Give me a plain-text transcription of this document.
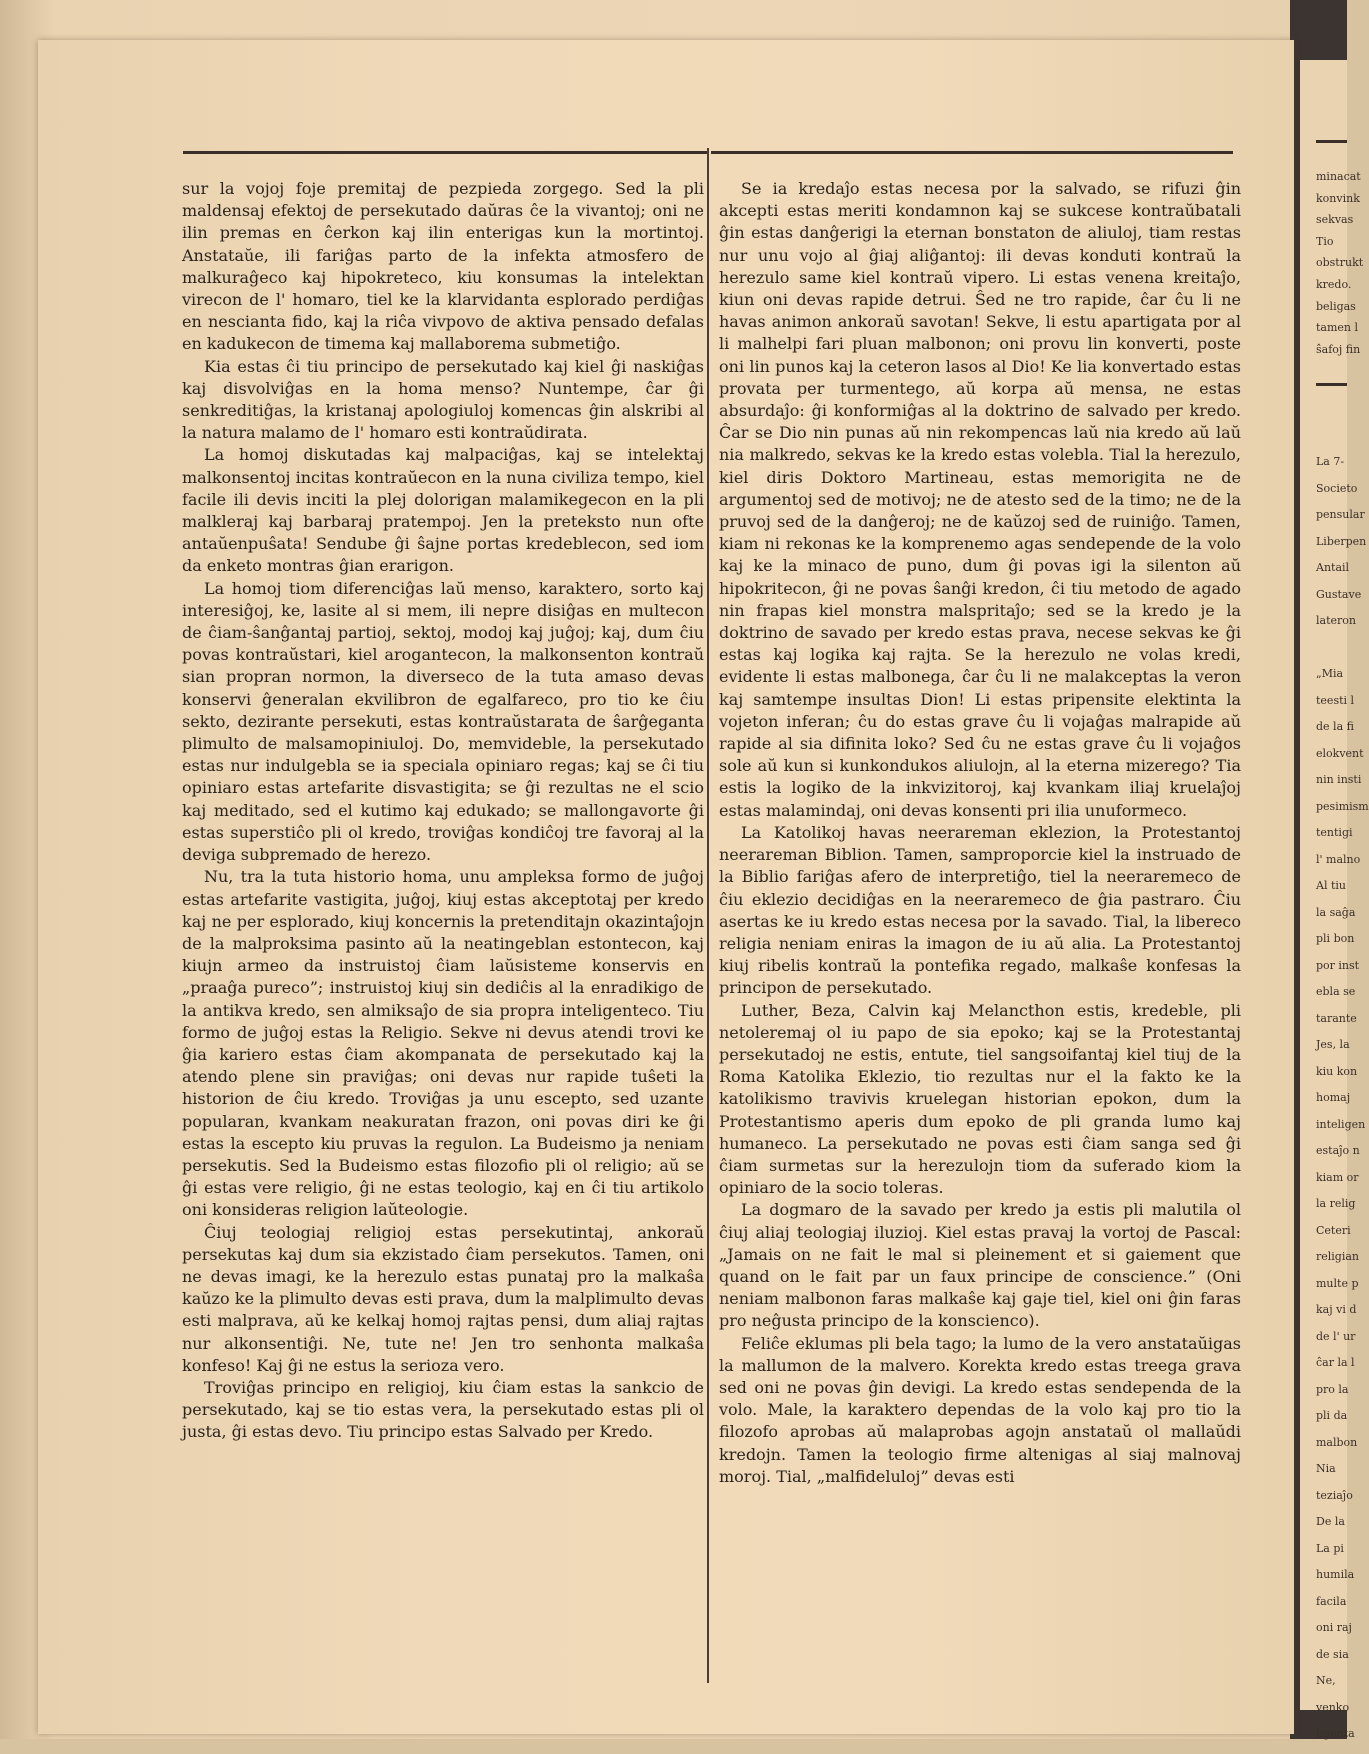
sur la vojoj foje premitaj de pezpieda zorgego. Sed la pli maldensaj efektoj de persekutado daŭras ĉe la vivantoj; oni ne ilin premas en ĉerkon kaj ilin enterigas kun la mortintoj. Anstataŭe, ili fariĝas parto de la infekta atmosfero de malkuraĝeco kaj hipokreteco, kiu konsumas la intelektan virecon de l' homaro, tiel ke la klarvidanta esplorado perdiĝas en nescianta fido, kaj la riĉa vivpovo de aktiva pensado defalas en kadukecon de timema kaj mallaborema submetiĝo.

Kia estas ĉi tiu principo de persekutado kaj kiel ĝi naskiĝas kaj disvolviĝas en la homa menso? Nuntempe, ĉar ĝi senkreditiĝas, la kristanaj apologiuloj komencas ĝin alskribi al la natura malamo de l' homaro esti kontraŭdirata.

La homoj diskutadas kaj malpaciĝas, kaj se intelektaj malkonsentoj incitas kontraŭecon en la nuna civiliza tempo, kiel facile ili devis inciti la plej dolorigan malamikegecon en la pli malkleraj kaj barbaraj pratempoj. Jen la preteksto nun ofte antaŭenpuŝata! Sendube ĝi ŝajne portas kredeblecon, sed iom da enketo montras ĝian erarigon.

La homoj tiom diferenciĝas laŭ menso, karaktero, sorto kaj interesiĝoj, ke, lasite al si mem, ili nepre disiĝas en multecon de ĉiam-ŝanĝantaj partioj, sektoj, modoj kaj juĝoj; kaj, dum ĉiu povas kontraŭstari, kiel arogantecon, la malkonsenton kontraŭ sian propran normon, la diverseco de la tuta amaso devas konservi ĝeneralan ekvilibron de egalfareco, pro tio ke ĉiu sekto, dezirante persekuti, estas kontraŭstarata de ŝarĝeganta plimulto de malsamopiniuloj. Do, memvideble, la persekutado estas nur indulgebla se ia speciala opiniaro regas; kaj se ĉi tiu opiniaro estas artefarite disvastigita; se ĝi rezultas ne el scio kaj meditado, sed el kutimo kaj edukado; se mallongavorte ĝi estas superstiĉo pli ol kredo, troviĝas kondiĉoj tre favoraj al la deviga subpremado de herezo.

Nu, tra la tuta historio homa, unu ampleksa formo de juĝoj estas artefarite vastigita, juĝoj, kiuj estas akceptotaj per kredo kaj ne per esplorado, kiuj koncernis la pretenditajn okazintaĵojn de la malproksima pasinto aŭ la neatingeblan estontecon, kaj kiujn armeo da instruistoj ĉiam laŭsisteme konservis en „praaĝa pureco”; instruistoj kiuj sin dediĉis al la enradikigo de la antikva kredo, sen almiksaĵo de sia propra inteligenteco. Tiu formo de juĝoj estas la Religio. Sekve ni devus atendi trovi ke ĝia kariero estas ĉiam akompanata de persekutado kaj la atendo plene sin praviĝas; oni devas nur rapide tuŝeti la historion de ĉiu kredo. Troviĝas ja unu escepto, sed uzante popularan, kvankam neakuratan frazon, oni povas diri ke ĝi estas la escepto kiu pruvas la regulon. La Budeismo ja neniam persekutis. Sed la Budeismo estas filozofio pli ol religio; aŭ se ĝi estas vere religio, ĝi ne estas teologio, kaj en ĉi tiu artikolo oni konsideras religion laŭteologie.

Ĉiuj teologiaj religioj estas persekutintaj, ankoraŭ persekutas kaj dum sia ekzistado ĉiam persekutos. Tamen, oni ne devas imagi, ke la herezulo estas punataj pro la malkaŝa kaŭzo ke la plimulto devas esti prava, dum la malplimulto devas esti malprava, aŭ ke kelkaj homoj rajtas pensi, dum aliaj rajtas nur alkonsentiĝi. Ne, tute ne! Jen tro senhonta malkaŝa konfeso! Kaj ĝi ne estus la serioza vero.

Troviĝas principo en religioj, kiu ĉiam estas la sankcio de persekutado, kaj se tio estas vera, la persekutado estas pli ol justa, ĝi estas devo. Tiu principo estas Salvado per Kredo.

Se ia kredaĵo estas necesa por la salvado, se rifuzi ĝin akcepti estas meriti kondamnon kaj se sukcese kontraŭbatali ĝin estas danĝerigi la eternan bonstaton de aliuloj, tiam restas nur unu vojo al ĝiaj aliĝantoj: ili devas konduti kontraŭ la herezulo same kiel kontraŭ vipero. Li estas venena kreitaĵo, kiun oni devas rapide detrui. Ŝed ne tro rapide, ĉar ĉu li ne havas animon ankoraŭ savotan! Sekve, li estu apartigata por al li malhelpi fari pluan malbonon; oni provu lin konverti, poste oni lin punos kaj la ceteron lasos al Dio! Ke lia konvertado estas provata per turmentego, aŭ korpa aŭ mensa, ne estas absurdaĵo: ĝi konformiĝas al la doktrino de salvado per kredo. Ĉar se Dio nin punas aŭ nin rekompencas laŭ nia kredo aŭ laŭ nia malkredo, sekvas ke la kredo estas volebla. Tial la herezulo, kiel diris Doktoro Martineau, estas memorigita ne de argumentoj sed de motivoj; ne de atesto sed de la timo; ne de la pruvoj sed de la danĝeroj; ne de kaŭzoj sed de ruiniĝo. Tamen, kiam ni rekonas ke la komprenemo agas sendepende de la volo kaj ke la minaco de puno, dum ĝi povas igi la silenton aŭ hipokritecon, ĝi ne povas ŝanĝi kredon, ĉi tiu metodo de agado nin frapas kiel monstra malspritaĵo; sed se la kredo je la doktrino de savado per kredo estas prava, necese sekvas ke ĝi estas kaj logika kaj rajta. Se la herezulo ne volas kredi, evidente li estas malbonega, ĉar ĉu li ne malakceptas la veron kaj samtempe insultas Dion! Li estas pripensite elektinta la vojeton inferan; ĉu do estas grave ĉu li vojaĝas malrapide aŭ rapide al sia difinita loko? Sed ĉu ne estas grave ĉu li vojaĝos sole aŭ kun si kunkondukos aliulojn, al la eterna mizerego? Tia estis la logiko de la inkvizitoroj, kaj kvankam iliaj kruelaĵoj estas malamindaj, oni devas konsenti pri ilia unuformeco.

La Katolikoj havas neerareman eklezion, la Protestantoj neerareman Biblion. Tamen, samproporcie kiel la instruado de la Biblio fariĝas afero de interpretiĝo, tiel la neeraremeco de ĉiu eklezio decidiĝas en la neeraremeco de ĝia pastraro. Ĉiu asertas ke iu kredo estas necesa por la savado. Tial, la libereco religia neniam eniras la imagon de iu aŭ alia. La Protestantoj kiuj ribelis kontraŭ la pontefika regado, malkaŝe konfesas la principon de persekutado.

Luther, Beza, Calvin kaj Melancthon estis, kredeble, pli netoleremaj ol iu papo de sia epoko; kaj se la Protestantaj persekutadoj ne estis, entute, tiel sangsoifantaj kiel tiuj de la Roma Katolika Eklezio, tio rezultas nur el la fakto ke la katolikismo travivis kruelegan historian epokon, dum la Protestantismo aperis dum epoko de pli granda lumo kaj humaneco. La persekutado ne povas esti ĉiam sanga sed ĝi ĉiam surmetas sur la herezulojn tiom da suferado kiom la opiniaro de la socio toleras.

La dogmaro de la savado per kredo ja estis pli malutila ol ĉiuj aliaj teologiaj iluzioj. Kiel estas pravaj la vortoj de Pascal: „Jamais on ne fait le mal si pleinement et si gaiement que quand on le fait par un faux principe de conscience.” (Oni neniam malbonon faras malkaŝe kaj gaje tiel, kiel oni ĝin faras pro neĝusta principo de la konscienco).

Feliĉe eklumas pli bela tago; la lumo de la vero anstataŭigas la mallumon de la malvero. Korekta kredo estas treega grava sed oni ne povas ĝin devigi. La kredo estas sendependa de la volo. Male, la karaktero dependas de la volo kaj pro tio la filozofo aprobas aŭ malaprobas agojn anstataŭ ol mallaŭdi kredojn. Tamen la teologio firme altenigas al siaj malnovaj moroj. Tial, „malfideluloj” devas esti

minacat
konvink
sekvas
Tio
obstrukt
kredo.
beligas
tamen l
ŝafoj fin
La 7-
Societo
pensular
Liberpen
Antail
Gustave
lateron
„Mia
teesti l
de la fi
elokvent
nin insti
pesimism
tentigi
l' malno
Al tiu
la saĝa
pli bon
por inst
ebla se
tarante
Jes, la
kiu kon
homaj
inteligen
estaĵo n
kiam or
la relig
Ceteri
religian
multe p
kaj vi d
de l' ur
ĉar la l
pro la
pli da
malbon
Nia
teziaĵo
De la
La pi
humila
facila
oni raj
de sia
Ne,
venko
ligenta
